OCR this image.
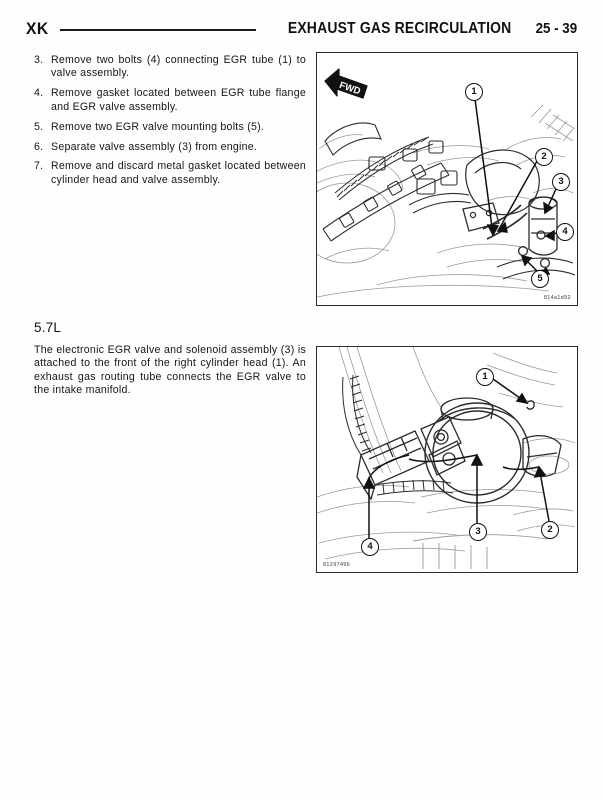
XK	EXHAUST GAS RECIRCULATION 25 - 39
3. Remove two bolts (4) connecting EGR tube (1) to valve assembly.
4. Remove gasket located between EGR tube flange and EGR valve assembly.
5. Remove two EGR valve mounting bolts (5).
6. Separate valve assembly (3) from engine.
7. Remove and discard metal gasket located between cylinder head and valve assembly.
5.7L
The electronic EGR valve and solenoid assembly (3) is attached to the front of the right cylinder head (1). An exhaust gas routing tube connects the EGR valve to the intake manifold.
FWD	1
2
3
4
5
814a1d92
1
2
3
4
81297496
